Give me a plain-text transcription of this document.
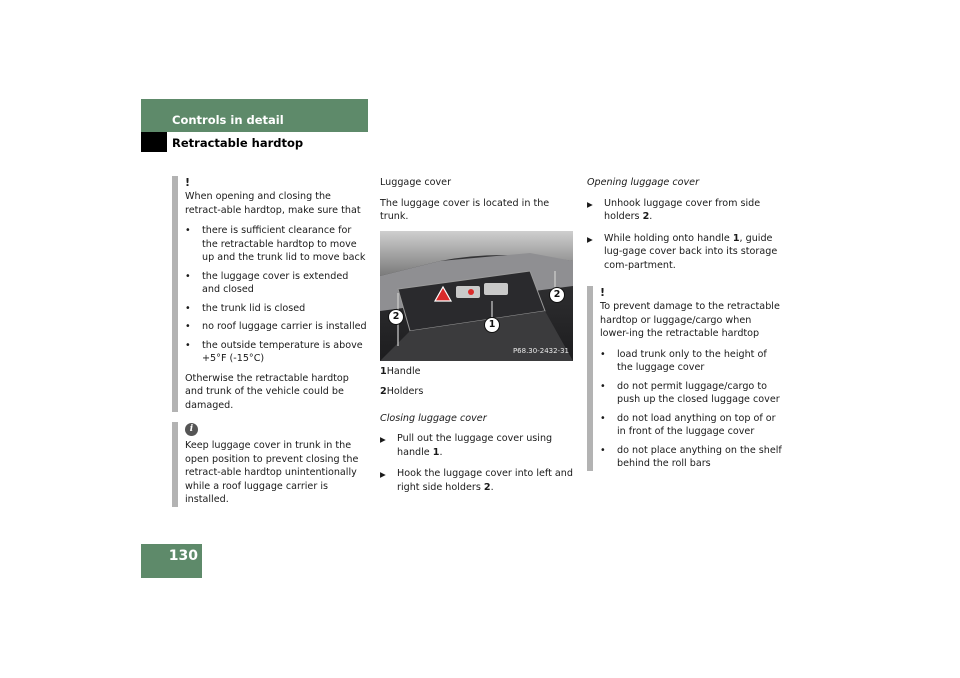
Controls in detail
Retractable hardtop
!

When opening and closing the retract-able hardtop, make sure that

• there is sufficient clearance for the retractable hardtop to move up and the trunk lid to move back
• the luggage cover is extended and closed
• the trunk lid is closed
• no roof luggage carrier is installed
• the outside temperature is above +5°F (-15°C)

Otherwise the retractable hardtop and trunk of the vehicle could be damaged.

i

Keep luggage cover in trunk in the open position to prevent closing the retract-able hardtop unintentionally while a roof luggage carrier is installed.

Luggage cover

The luggage cover is located in the trunk.

2
1
2
P68.30-2432-31

1Handle

2Holders

Closing luggage cover
▶ Pull out the luggage cover using handle 1.
▶ Hook the luggage cover into left and right side holders 2.
Opening luggage cover
▶ Unhook luggage cover from side holders 2.
▶ While holding onto handle 1, guide lug-gage cover back into its storage com-partment.
!

To prevent damage to the retractable hardtop or luggage/cargo when lower-ing the retractable hardtop

• load trunk only to the height of the luggage cover
• do not permit luggage/cargo to push up the closed luggage cover
• do not load anything on top of or in front of the luggage cover
• do not place anything on the shelf behind the roll bars
130
